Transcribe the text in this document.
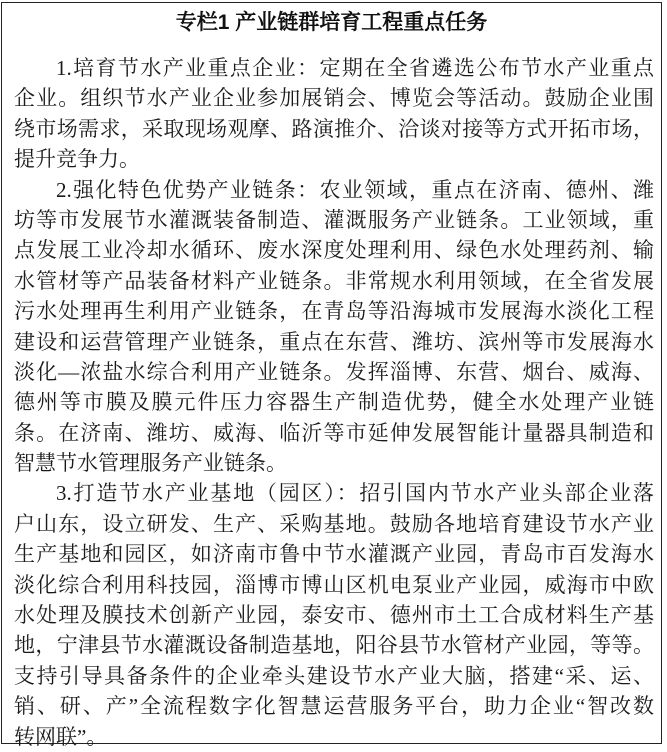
专栏1 产业链群培育工程重点任务
1.培育节水产业重点企业：定期在全省遴选公布节水产业重点
企业。组织节水产业企业参加展销会、博览会等活动。鼓励企业围
绕市场需求，采取现场观摩、路演推介、洽谈对接等方式开拓市场，
提升竞争力。
2.强化特色优势产业链条：农业领域，重点在济南、德州、潍
坊等市发展节水灌溉装备制造、灌溉服务产业链条。工业领域，重
点发展工业冷却水循环、废水深度处理利用、绿色水处理药剂、输
水管材等产品装备材料产业链条。非常规水利用领域，在全省发展
污水处理再生利用产业链条，在青岛等沿海城市发展海水淡化工程
建设和运营管理产业链条，重点在东营、潍坊、滨州等市发展海水
淡化—浓盐水综合利用产业链条。发挥淄博、东营、烟台、威海、
德州等市膜及膜元件压力容器生产制造优势，健全水处理产业链
条。在济南、潍坊、威海、临沂等市延伸发展智能计量器具制造和
智慧节水管理服务产业链条。
3.打造节水产业基地（园区）：招引国内节水产业头部企业落
户山东，设立研发、生产、采购基地。鼓励各地培育建设节水产业
生产基地和园区，如济南市鲁中节水灌溉产业园，青岛市百发海水
淡化综合利用科技园，淄博市博山区机电泵业产业园，威海市中欧
水处理及膜技术创新产业园，泰安市、德州市土工合成材料生产基
地，宁津县节水灌溉设备制造基地，阳谷县节水管材产业园，等等。
支持引导具备条件的企业牵头建设节水产业大脑，搭建“采、运、
销、研、产”全流程数字化智慧运营服务平台，助力企业“智改数
转网联”。
